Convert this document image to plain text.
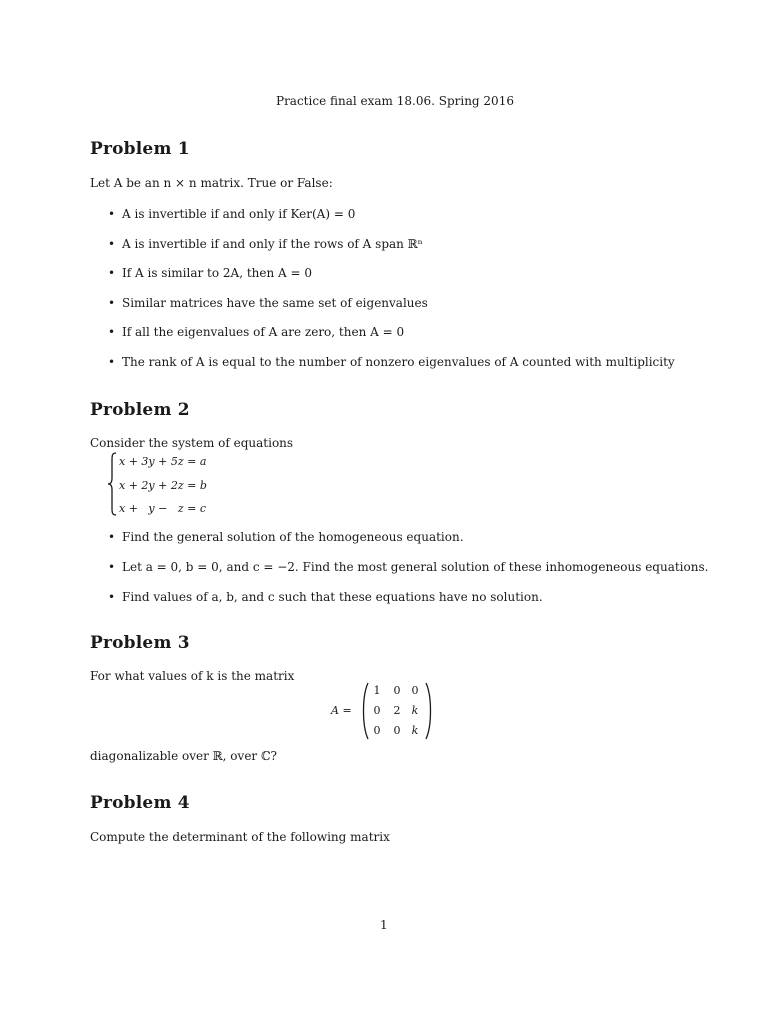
Practice final exam 18.06. Spring 2016
Problem 1
Let A be an n × n matrix. True or False:
• A is invertible if and only if Ker(A) = 0
• A is invertible if and only if the rows of A span ℝⁿ
• If A is similar to 2A, then A = 0
• Similar matrices have the same set of eigenvalues
• If all the eigenvalues of A are zero, then A = 0
• The rank of A is equal to the number of nonzero eigenvalues of A counted with multiplicity
Problem 2
Consider the system of equations
x + 3y + 5z = a
x + 2y + 2z = b
x +   y −   z = c
• Find the general solution of the homogeneous equation.
• Let a = 0, b = 0, and c = −2. Find the most general solution of these inhomogeneous equations.
• Find values of a, b, and c such that these equations have no solution.
Problem 3
For what values of k is the matrix
A =
1	0	0
0	2	k
0	0	k
diagonalizable over ℝ, over ℂ?
Problem 4
Compute the determinant of the following matrix
1
